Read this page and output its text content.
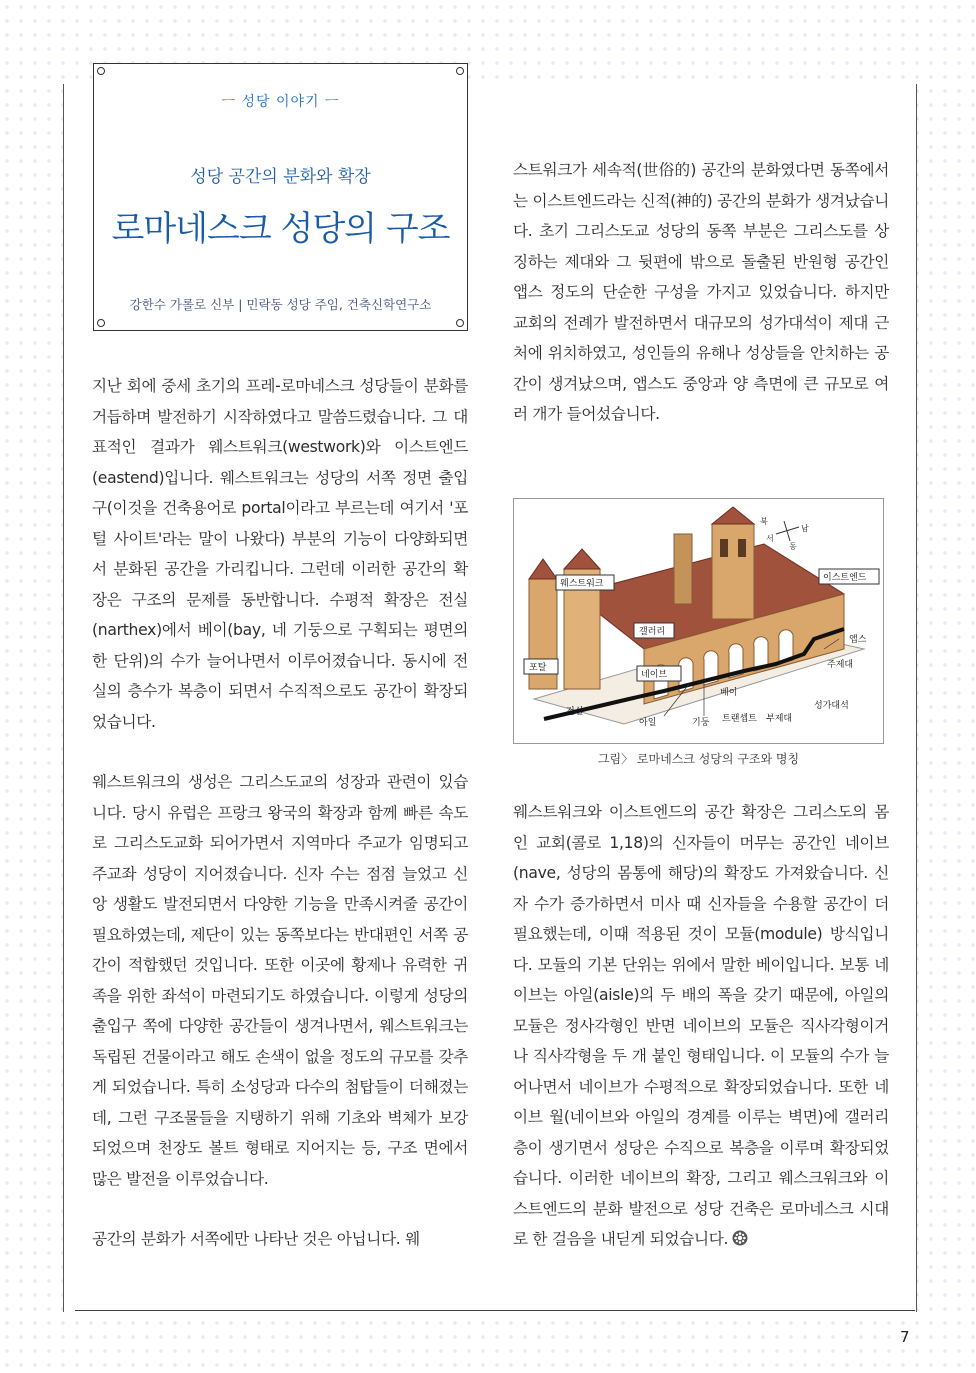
ㅡ 성당 이야기 ㅡ
성당 공간의 분화와 확장
로마네스크 성당의 구조
강한수 가롤로 신부 | 민락동 성당 주임, 건축신학연구소

지난 회에 중세 초기의 프레-로마네스크 성당들이 분화를 거듭하며 발전하기 시작하였다고 말씀드렸습니다. 그 대표적인 결과가 웨스트워크(westwork)와 이스트엔드(eastend)입니다. 웨스트워크는 성당의 서쪽 정면 출입구(이것을 건축용어로 portal이라고 부르는데 여기서 '포털 사이트'라는 말이 나왔다) 부분의 기능이 다양화되면서 분화된 공간을 가리킵니다. 그런데 이러한 공간의 확장은 구조의 문제를 동반합니다. 수평적 확장은 전실(narthex)에서 베이(bay, 네 기둥으로 구획되는 평면의 한 단위)의 수가 늘어나면서 이루어졌습니다. 동시에 전실의 층수가 복층이 되면서 수직적으로도 공간이 확장되었습니다.

웨스트워크의 생성은 그리스도교의 성장과 관련이 있습니다. 당시 유럽은 프랑크 왕국의 확장과 함께 빠른 속도로 그리스도교화 되어가면서 지역마다 주교가 임명되고 주교좌 성당이 지어졌습니다. 신자 수는 점점 늘었고 신앙 생활도 발전되면서 다양한 기능을 만족시켜줄 공간이 필요하였는데, 제단이 있는 동쪽보다는 반대편인 서쪽 공간이 적합했던 것입니다. 또한 이곳에 황제나 유력한 귀족을 위한 좌석이 마련되기도 하였습니다. 이렇게 성당의 출입구 쪽에 다양한 공간들이 생겨나면서, 웨스트워크는 독립된 건물이라고 해도 손색이 없을 정도의 규모를 갖추게 되었습니다. 특히 소성당과 다수의 첨탑들이 더해졌는데, 그런 구조물들을 지탱하기 위해 기초와 벽체가 보강되었으며 천장도 볼트 형태로 지어지는 등, 구조 면에서 많은 발전을 이루었습니다.

공간의 분화가 서쪽에만 나타난 것은 아닙니다. 웨

스트워크가 세속적(世俗的) 공간의 분화였다면 동쪽에서는 이스트엔드라는 신적(神的) 공간의 분화가 생겨났습니다. 초기 그리스도교 성당의 동쪽 부분은 그리스도를 상징하는 제대와 그 뒷편에 밖으로 돌출된 반원형 공간인 앱스 정도의 단순한 구성을 가지고 있었습니다. 하지만 교회의 전례가 발전하면서 대규모의 성가대석이 제대 근처에 위치하였고, 성인들의 유해나 성상들을 안치하는 공간이 생겨났으며, 앱스도 중앙과 양 측면에 큰 규모로 여러 개가 들어섰습니다.

북
남
서
동
웨스트워크
이스트엔드
갤러리
포탈
네이브
전실
아일	기둥 트랜셉트
베이
부제대
주제대
앱스
성가대석
그림〉 로마네스크 성당의 구조와 명칭

웨스트워크와 이스트엔드의 공간 확장은 그리스도의 몸인 교회(콜로 1,18)의 신자들이 머무는 공간인 네이브(nave, 성당의 몸통에 해당)의 확장도 가져왔습니다. 신자 수가 증가하면서 미사 때 신자들을 수용할 공간이 더 필요했는데, 이때 적용된 것이 모듈(module) 방식입니다. 모듈의 기본 단위는 위에서 말한 베이입니다. 보통 네이브는 아일(aisle)의 두 배의 폭을 갖기 때문에, 아일의 모듈은 정사각형인 반면 네이브의 모듈은 직사각형이거나 직사각형을 두 개 붙인 형태입니다. 이 모듈의 수가 늘어나면서 네이브가 수평적으로 확장되었습니다. 또한 네이브 월(네이브와 아일의 경계를 이루는 벽면)에 갤러리층이 생기면서 성당은 수직으로 복층을 이루며 확장되었습니다. 이러한 네이브의 확장, 그리고 웨스크워크와 이스트엔드의 분화 발전으로 성당 건축은 로마네스크 시대로 한 걸음을 내딛게 되었습니다.

7
